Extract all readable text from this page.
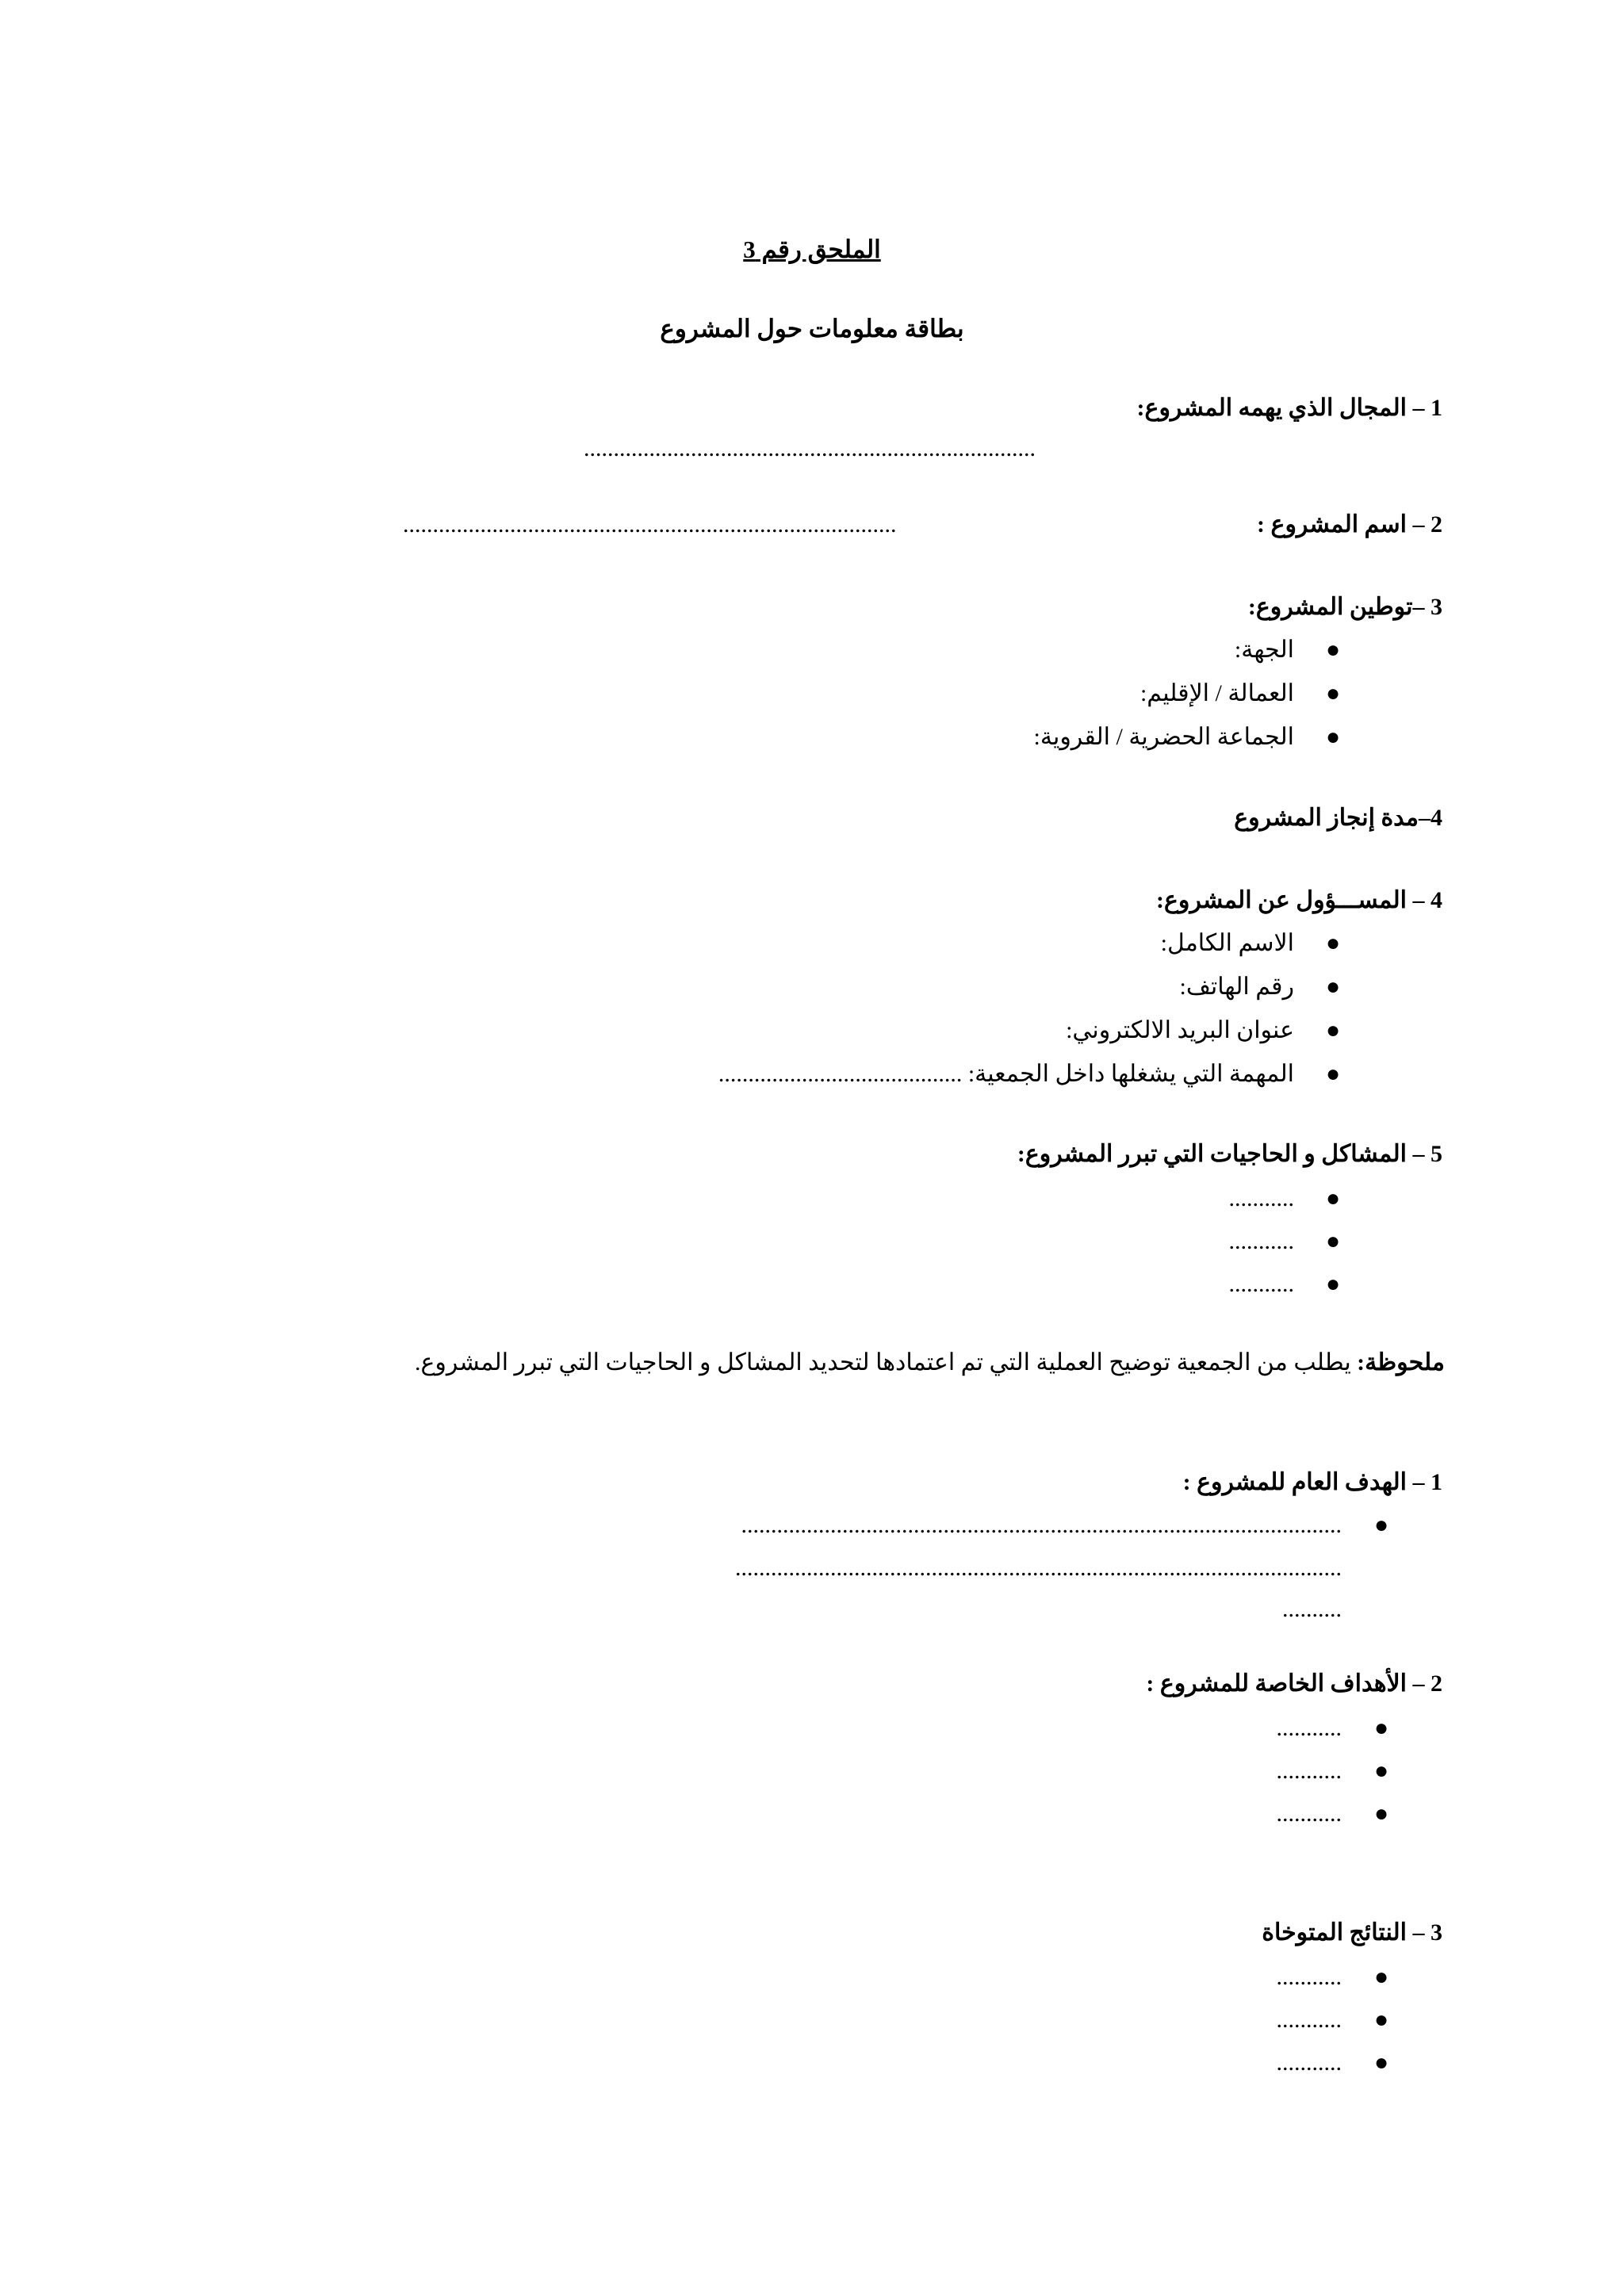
الملحق رقم 3
بطاقة معلومات حول المشروع
1 – المجال الذي يهمه المشروع:
............................................................................
2 – اسم المشروع :
...................................................................................
3 –توطين المشروع:
●
الجهة:
●
العمالة / الإقليم:
●
الجماعة الحضرية / القروية:
4–مدة إنجاز المشروع
4 – المســـؤول عن المشروع:
●
الاسم الكامل:
●
رقم الهاتف:
●
عنوان البريد الالكتروني:
●
المهمة التي يشغلها داخل الجمعية: .........................................
5 – المشاكل و الحاجيات التي تبرر المشروع:
●
...........
●
...........
●
...........
ملحوظة: يطلب من الجمعية توضيح العملية التي تم اعتمادها لتحديد المشاكل و الحاجيات التي تبرر المشروع.
1 – الهدف العام للمشروع :
●
.....................................................................................................
......................................................................................................
..........
2 – الأهداف الخاصة للمشروع :
●
...........
●
...........
●
...........
3 – النتائج المتوخاة
●
...........
●
...........
●
...........
